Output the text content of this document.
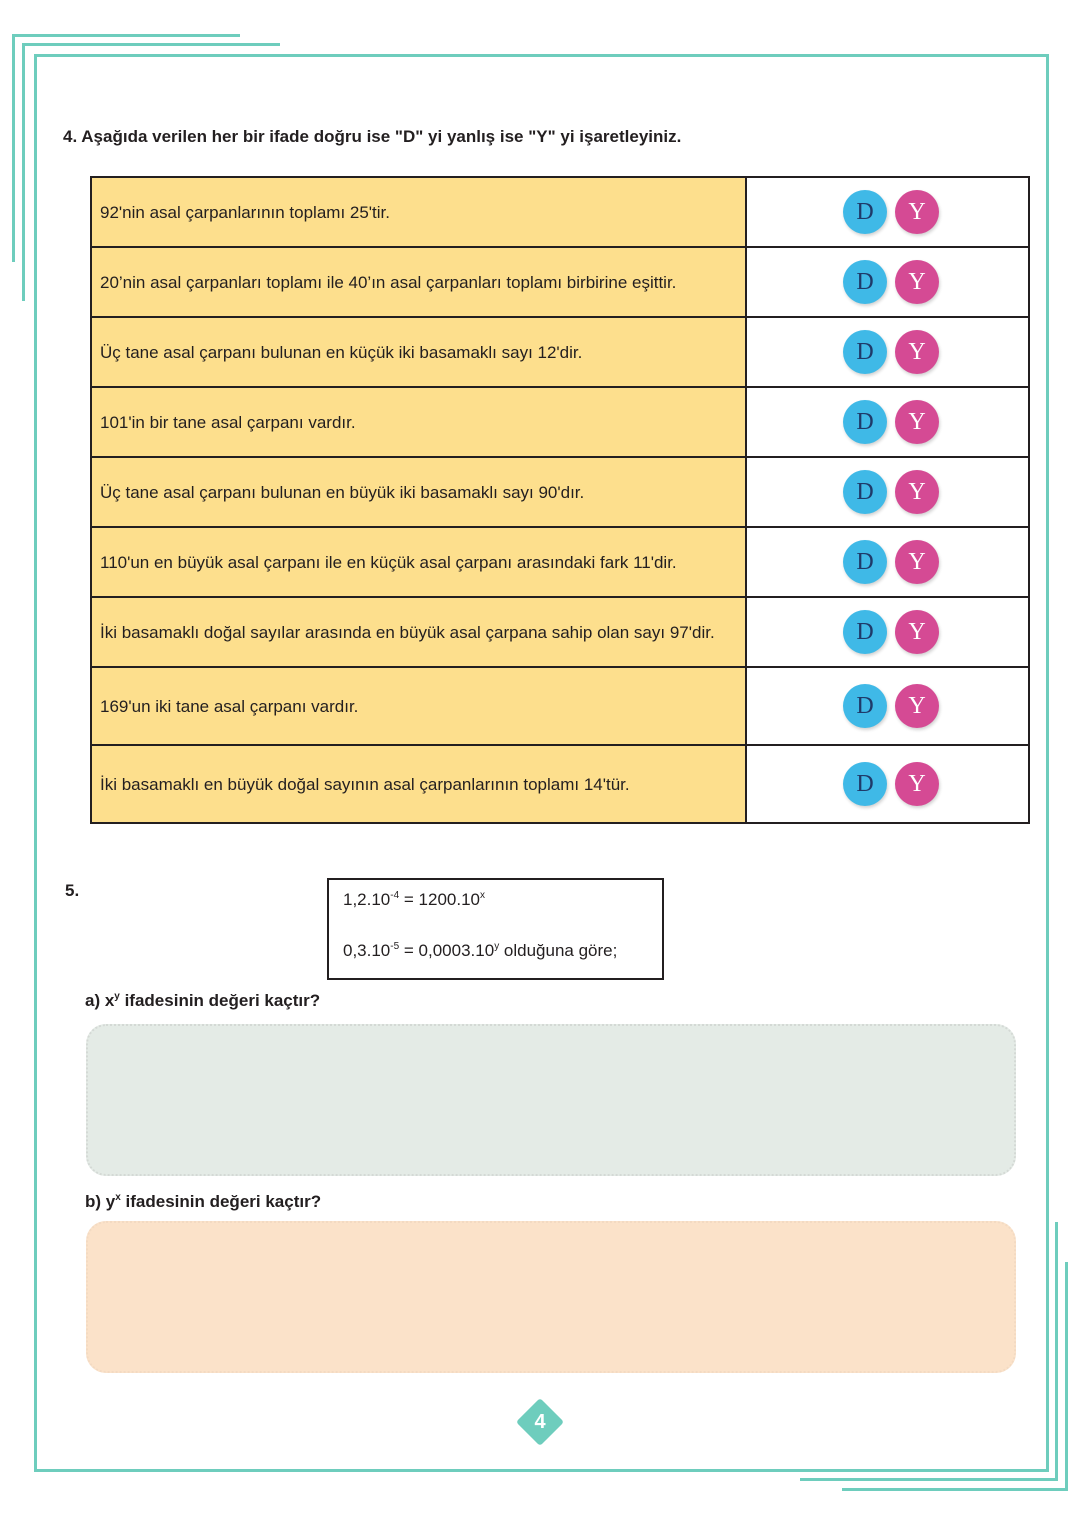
4. Aşağıda verilen her bir ifade doğru ise "D" yi yanlış ise "Y" yi işaretleyiniz.
92'nin asal çarpanlarının toplamı 25'tir.	D Y

20’nin asal çarpanları toplamı ile 40’ın asal çarpanları toplamı birbirine eşittir.	D Y

Üç tane asal çarpanı bulunan en küçük iki basamaklı sayı 12'dir.	D Y

101'in bir tane asal çarpanı vardır.	D Y

Üç tane asal çarpanı bulunan en büyük iki basamaklı sayı 90'dır.	D Y

110'un en büyük asal çarpanı ile en küçük asal çarpanı arasındaki fark 11'dir.	D Y

İki basamaklı doğal sayılar arasında en büyük asal çarpana sahip olan sayı 97'dir.	D Y

169'un iki tane asal çarpanı vardır.	D Y

İki basamaklı en büyük doğal sayının asal çarpanlarının toplamı 14'tür.	D Y
5.	$1,2.10^{-4} = 1200.10^x$
$0,3.10^{-5} = 0,0003.10^y$ olduğuna göre;
a) $x^y$ ifadesinin değeri kaçtır?
b) $y^x$ ifadesinin değeri kaçtır?
4
